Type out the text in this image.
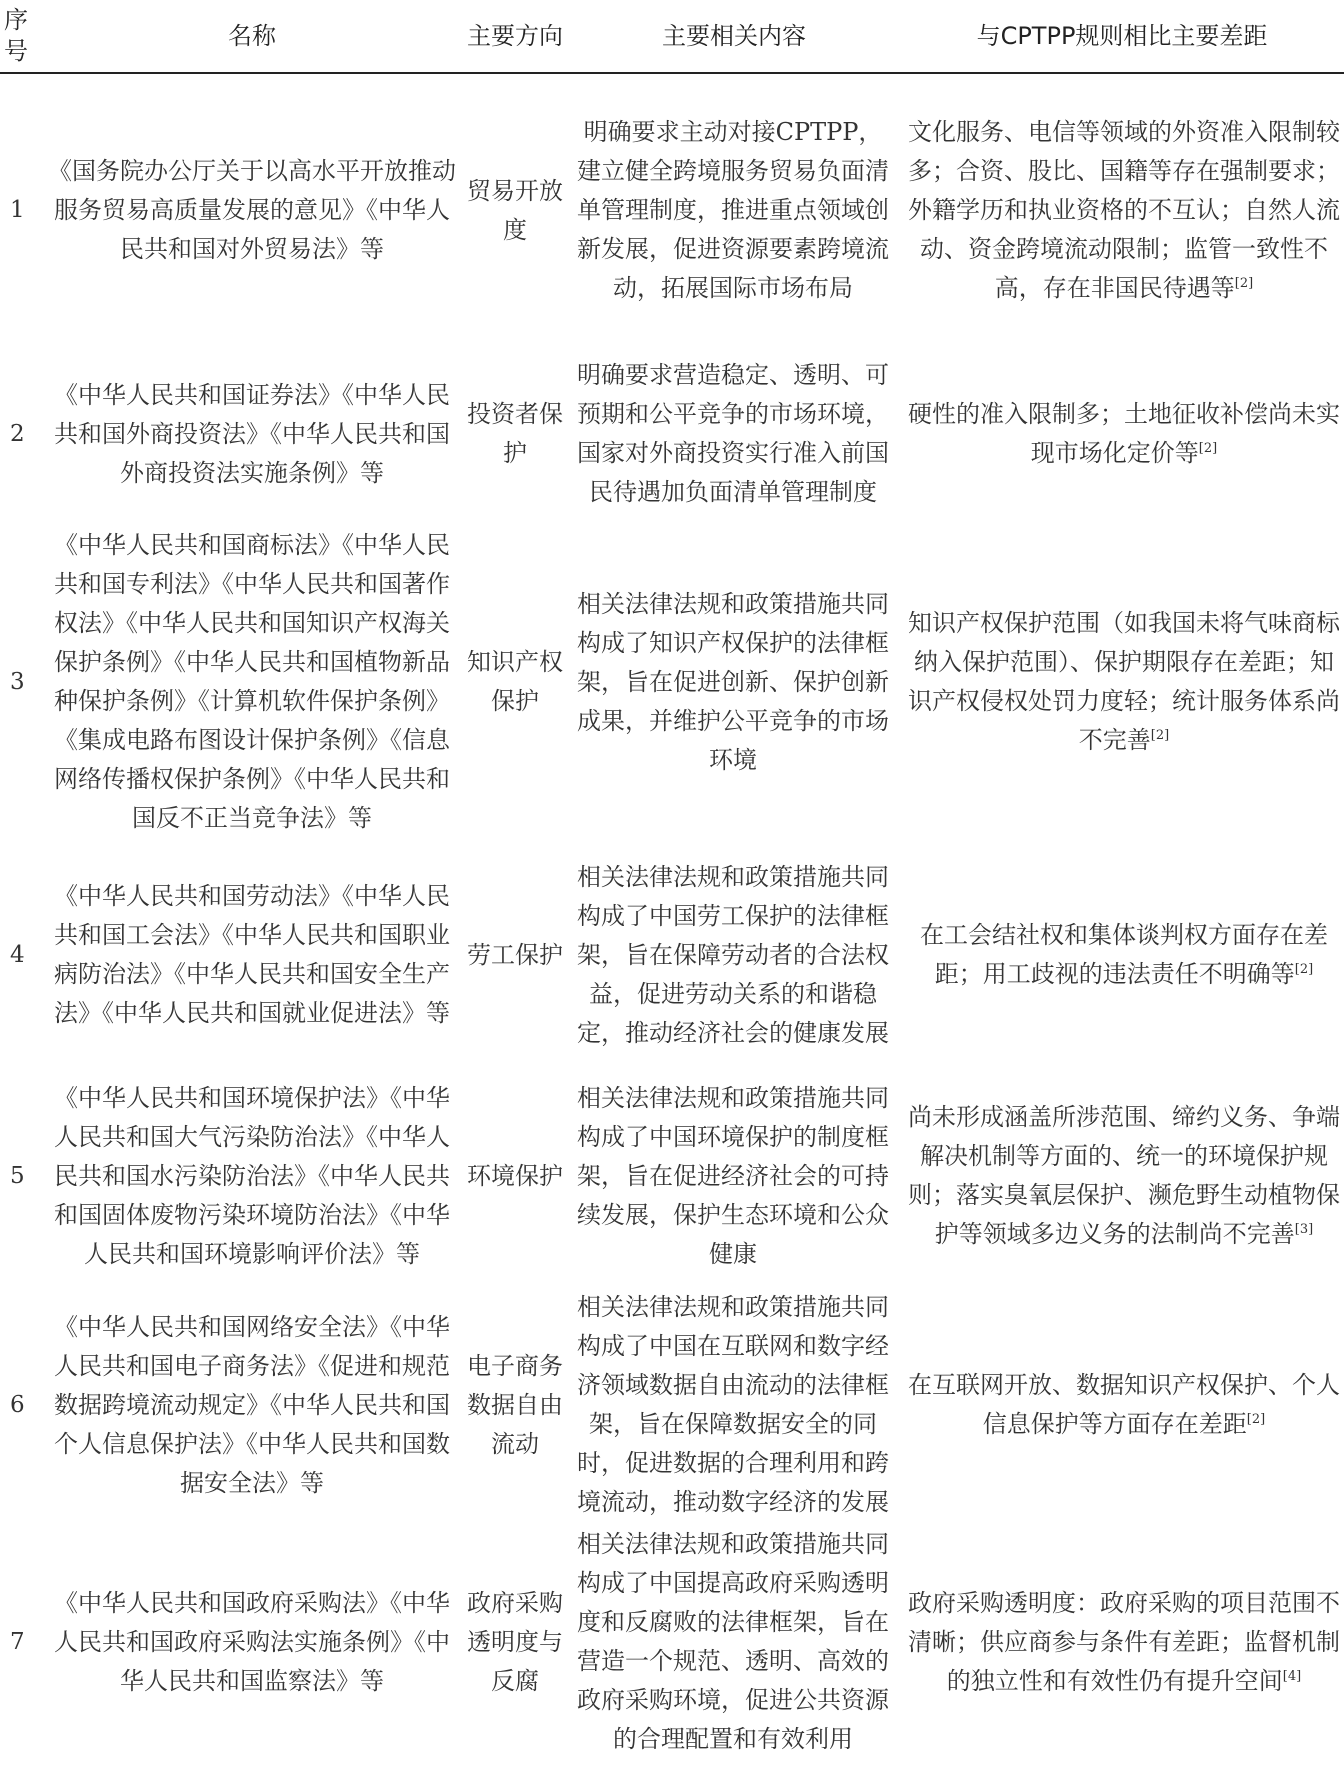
序号	名称	主要方向	主要相关内容	与CPTPP规则相比主要差距
1	《国务院办公厅关于以高水平开放推动服务贸易高质量发展的意见》《中华人民共和国对外贸易法》等	贸易开放度	明确要求主动对接CPTPP，建立健全跨境服务贸易负面清单管理制度，推进重点领域创新发展，促进资源要素跨境流动，拓展国际市场布局	文化服务、电信等领域的外资准入限制较多；合资、股比、国籍等存在强制要求；外籍学历和执业资格的不互认；自然人流动、资金跨境流动限制；监管一致性不高，存在非国民待遇等[2]
2	《中华人民共和国证券法》《中华人民共和国外商投资法》《中华人民共和国外商投资法实施条例》等	投资者保护	明确要求营造稳定、透明、可预期和公平竞争的市场环境，国家对外商投资实行准入前国民待遇加负面清单管理制度	硬性的准入限制多；土地征收补偿尚未实现市场化定价等[2]
3	《中华人民共和国商标法》《中华人民共和国专利法》《中华人民共和国著作权法》《中华人民共和国知识产权海关保护条例》《中华人民共和国植物新品种保护条例》《计算机软件保护条例》《集成电路布图设计保护条例》《信息网络传播权保护条例》《中华人民共和国反不正当竞争法》等	知识产权保护	相关法律法规和政策措施共同构成了知识产权保护的法律框架，旨在促进创新、保护创新成果，并维护公平竞争的市场环境	知识产权保护范围（如我国未将气味商标纳入保护范围）、保护期限存在差距；知识产权侵权处罚力度轻；统计服务体系尚不完善[2]
4	《中华人民共和国劳动法》《中华人民共和国工会法》《中华人民共和国职业病防治法》《中华人民共和国安全生产法》《中华人民共和国就业促进法》等	劳工保护	相关法律法规和政策措施共同构成了中国劳工保护的法律框架，旨在保障劳动者的合法权益，促进劳动关系的和谐稳定，推动经济社会的健康发展	在工会结社权和集体谈判权方面存在差距；用工歧视的违法责任不明确等[2]
5	《中华人民共和国环境保护法》《中华人民共和国大气污染防治法》《中华人民共和国水污染防治法》《中华人民共和国固体废物污染环境防治法》《中华人民共和国环境影响评价法》等	环境保护	相关法律法规和政策措施共同构成了中国环境保护的制度框架，旨在促进经济社会的可持续发展，保护生态环境和公众健康	尚未形成涵盖所涉范围、缔约义务、争端解决机制等方面的、统一的环境保护规则；落实臭氧层保护、濒危野生动植物保护等领域多边义务的法制尚不完善[3]
6	《中华人民共和国网络安全法》《中华人民共和国电子商务法》《促进和规范数据跨境流动规定》《中华人民共和国个人信息保护法》《中华人民共和国数据安全法》等	电子商务数据自由流动	相关法律法规和政策措施共同构成了中国在互联网和数字经济领域数据自由流动的法律框架，旨在保障数据安全的同时，促进数据的合理利用和跨境流动，推动数字经济的发展	在互联网开放、数据知识产权保护、个人信息保护等方面存在差距[2]
7	《中华人民共和国政府采购法》《中华人民共和国政府采购法实施条例》《中华人民共和国监察法》等	政府采购透明度与反腐	相关法律法规和政策措施共同构成了中国提高政府采购透明度和反腐败的法律框架，旨在营造一个规范、透明、高效的政府采购环境，促进公共资源的合理配置和有效利用	政府采购透明度：政府采购的项目范围不清晰；供应商参与条件有差距；监督机制的独立性和有效性仍有提升空间[4]
